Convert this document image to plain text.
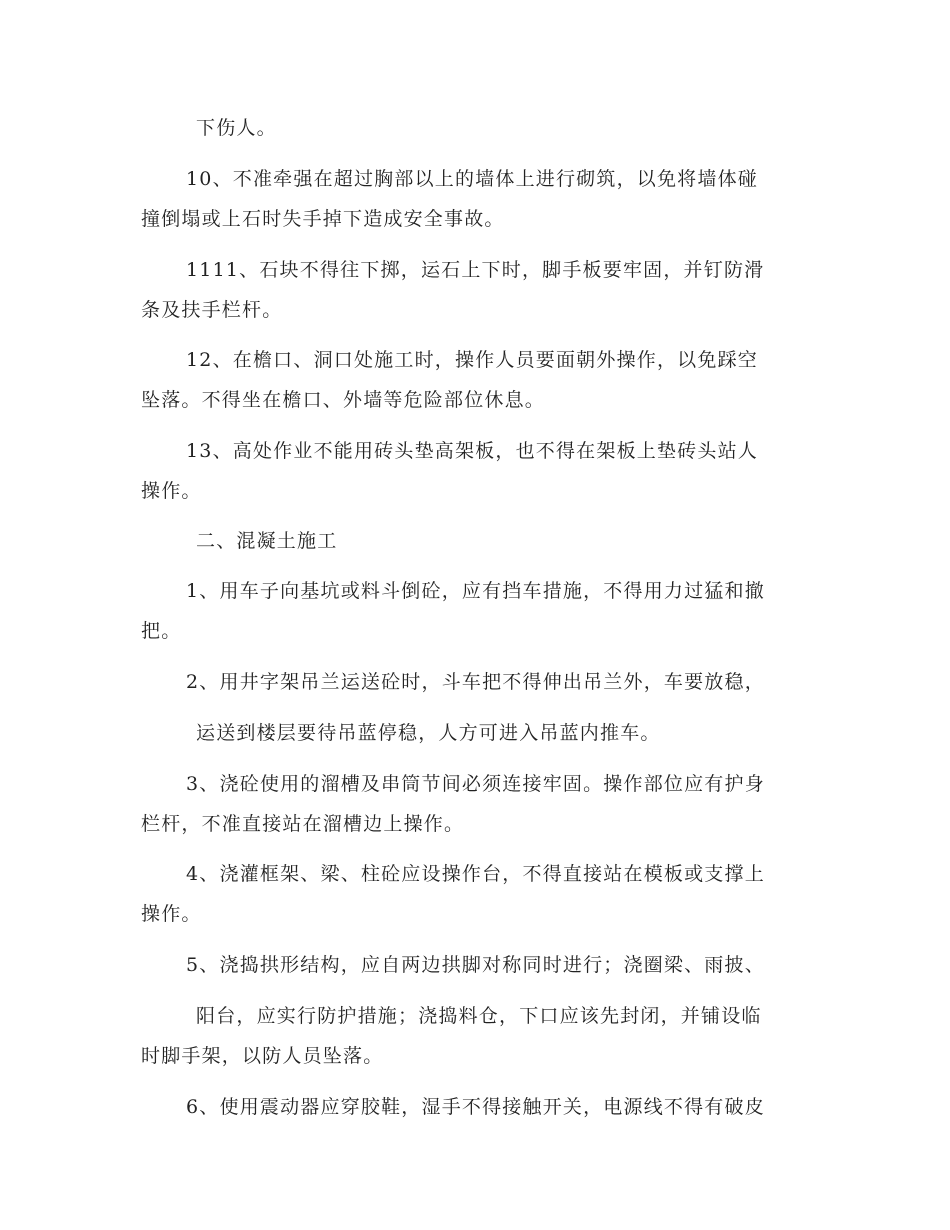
下伤人。
10、不准牵强在超过胸部以上的墙体上进行砌筑，以免将墙体碰
撞倒塌或上石时失手掉下造成安全事故。
1111、石块不得往下掷，运石上下时，脚手板要牢固，并钉防滑
条及扶手栏杆。
12、在檐口、洞口处施工时，操作人员要面朝外操作，以免踩空
坠落。不得坐在檐口、外墙等危险部位休息。
13、高处作业不能用砖头垫高架板，也不得在架板上垫砖头站人
操作。
二、混凝土施工
1、用车子向基坑或料斗倒砼，应有挡车措施，不得用力过猛和撤
把。
2、用井字架吊兰运送砼时，斗车把不得伸出吊兰外，车要放稳，
运送到楼层要待吊蓝停稳，人方可进入吊蓝内推车。
3、浇砼使用的溜槽及串筒节间必须连接牢固。操作部位应有护身
栏杆，不准直接站在溜槽边上操作。
4、浇灌框架、梁、柱砼应设操作台，不得直接站在模板或支撑上
操作。
5、浇捣拱形结构，应自两边拱脚对称同时进行；浇圈梁、雨披、
阳台，应实行防护措施；浇捣料仓，下口应该先封闭，并铺设临
时脚手架，以防人员坠落。
6、使用震动器应穿胶鞋，湿手不得接触开关，电源线不得有破皮
